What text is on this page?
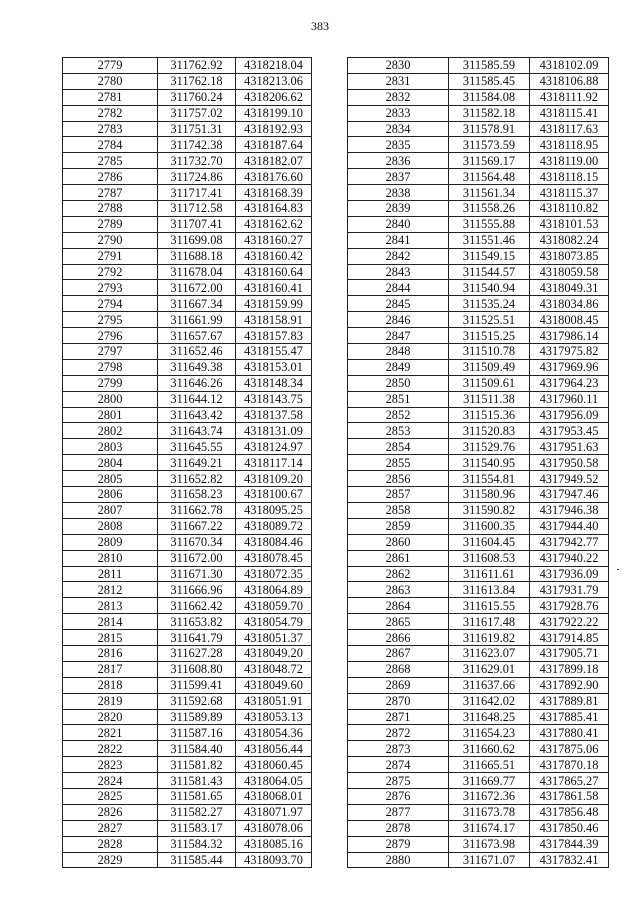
383
2779	311762.92	4318218.04
2780	311762.18	4318213.06
2781	311760.24	4318206.62
2782	311757.02	4318199.10
2783	311751.31	4318192.93
2784	311742.38	4318187.64
2785	311732.70	4318182.07
2786	311724.86	4318176.60
2787	311717.41	4318168.39
2788	311712.58	4318164.83
2789	311707.41	4318162.62
2790	311699.08	4318160.27
2791	311688.18	4318160.42
2792	311678.04	4318160.64
2793	311672.00	4318160.41
2794	311667.34	4318159.99
2795	311661.99	4318158.91
2796	311657.67	4318157.83
2797	311652.46	4318155.47
2798	311649.38	4318153.01
2799	311646.26	4318148.34
2800	311644.12	4318143.75
2801	311643.42	4318137.58
2802	311643.74	4318131.09
2803	311645.55	4318124.97
2804	311649.21	4318117.14
2805	311652.82	4318109.20
2806	311658.23	4318100.67
2807	311662.78	4318095.25
2808	311667.22	4318089.72
2809	311670.34	4318084.46
2810	311672.00	4318078.45
2811	311671.30	4318072.35
2812	311666.96	4318064.89
2813	311662.42	4318059.70
2814	311653.82	4318054.79
2815	311641.79	4318051.37
2816	311627.28	4318049.20
2817	311608.80	4318048.72
2818	311599.41	4318049.60
2819	311592.68	4318051.91
2820	311589.89	4318053.13
2821	311587.16	4318054.36
2822	311584.40	4318056.44
2823	311581.82	4318060.45
2824	311581.43	4318064.05
2825	311581.65	4318068.01
2826	311582.27	4318071.97
2827	311583.17	4318078.06
2828	311584.32	4318085.16
2829	311585.44	4318093.70
2830	311585.59	4318102.09
2831	311585.45	4318106.88
2832	311584.08	4318111.92
2833	311582.18	4318115.41
2834	311578.91	4318117.63
2835	311573.59	4318118.95
2836	311569.17	4318119.00
2837	311564.48	4318118.15
2838	311561.34	4318115.37
2839	311558.26	4318110.82
2840	311555.88	4318101.53
2841	311551.46	4318082.24
2842	311549.15	4318073.85
2843	311544.57	4318059.58
2844	311540.94	4318049.31
2845	311535.24	4318034.86
2846	311525.51	4318008.45
2847	311515.25	4317986.14
2848	311510.78	4317975.82
2849	311509.49	4317969.96
2850	311509.61	4317964.23
2851	311511.38	4317960.11
2852	311515.36	4317956.09
2853	311520.83	4317953.45
2854	311529.76	4317951.63
2855	311540.95	4317950.58
2856	311554.81	4317949.52
2857	311580.96	4317947.46
2858	311590.82	4317946.38
2859	311600.35	4317944.40
2860	311604.45	4317942.77
2861	311608.53	4317940.22
2862	311611.61	4317936.09
2863	311613.84	4317931.79
2864	311615.55	4317928.76
2865	311617.48	4317922.22
2866	311619.82	4317914.85
2867	311623.07	4317905.71
2868	311629.01	4317899.18
2869	311637.66	4317892.90
2870	311642.02	4317889.81
2871	311648.25	4317885.41
2872	311654.23	4317880.41
2873	311660.62	4317875.06
2874	311665.51	4317870.18
2875	311669.77	4317865.27
2876	311672.36	4317861.58
2877	311673.78	4317856.48
2878	311674.17	4317850.46
2879	311673.98	4317844.39
2880	311671.07	4317832.41
